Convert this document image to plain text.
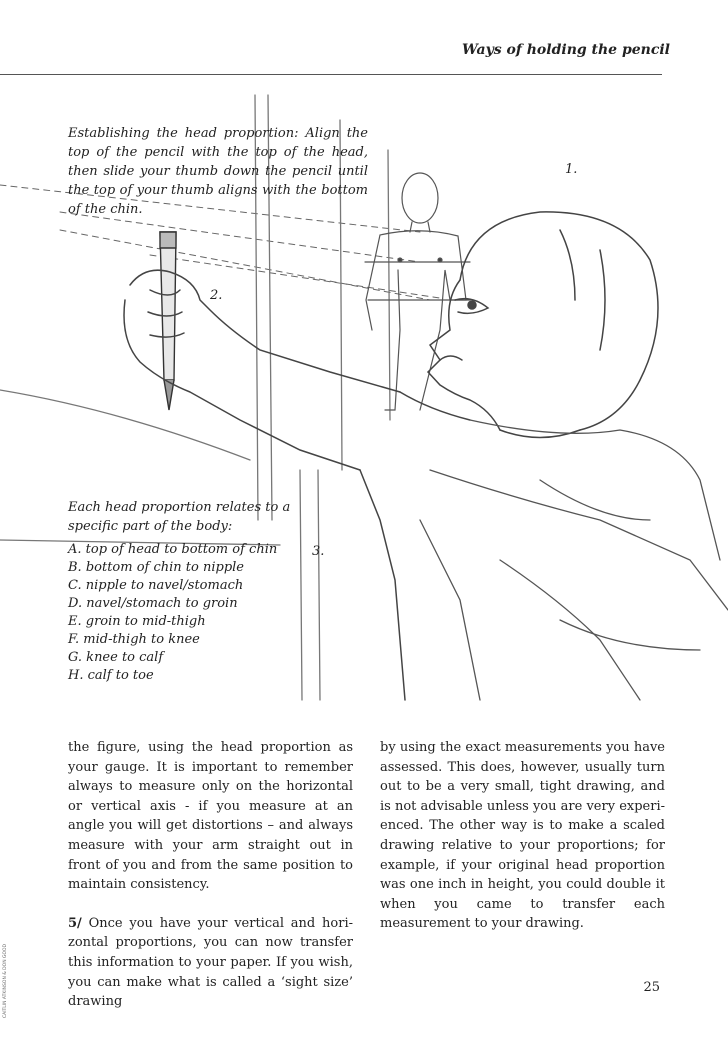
Ways of holding the pencil
Establishing the head proportion: Align the top of the pencil with the top of the head, then slide your thumb down the pencil until the top of your thumb aligns with the bottom of the chin.
1.
2.
3.
Each head proportion relates to a specific part of the body:
A. top of head to bottom of chin
B. bottom of chin to nipple
C. nipple to navel/stomach
D. navel/stomach to groin
E. groin to mid-thigh
F. mid-thigh to knee
G. knee to calf
H. calf to toe

the figure, using the head proportion as your gauge. It is important to remember always to measure only on the horizontal or vertical axis - if you measure at an angle you will get distortions – and always measure with your arm straight out in front of you and from the same position to maintain consistency.

5/ Once you have your vertical and hori- zontal proportions, you can now transfer this information to your paper. If you wish, you can make what is called a ‘sight size’ drawing

by using the exact measurements you have assessed. This does, however, usually turn out to be a very small, tight drawing, and is not advisable unless you are very experi- enced. The other way is to make a scaled drawing relative to your proportions; for example, if your original head proportion was one inch in height, you could double it when you came to transfer each measurement to your drawing.

25
CAITLIN ATKINSON & DON GOOD
